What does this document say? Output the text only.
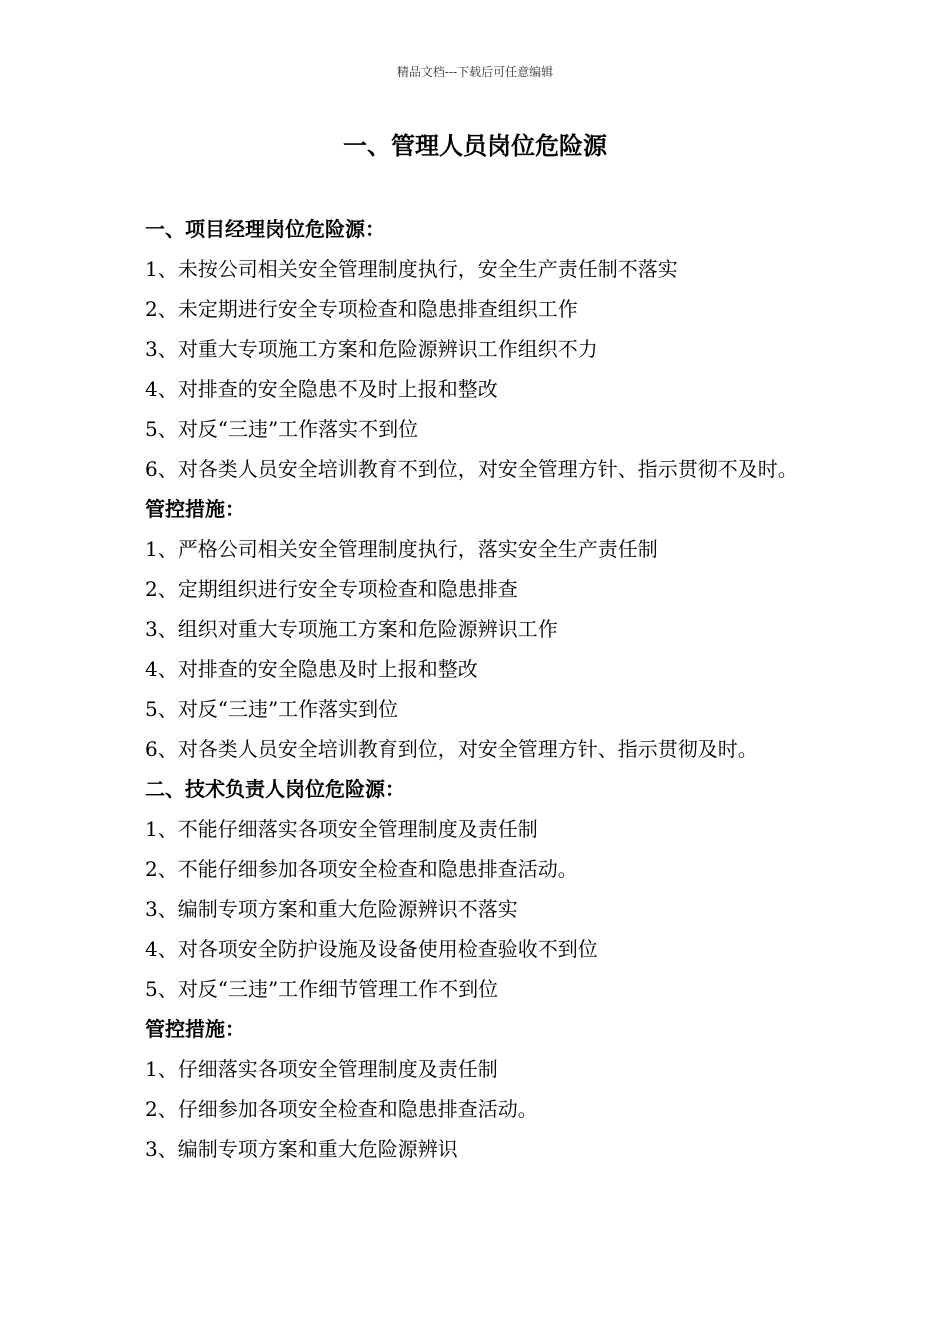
精品文档---下载后可任意编辑
一、管理人员岗位危险源

一、项目经理岗位危险源：

1、未按公司相关安全管理制度执行，安全生产责任制不落实

2、未定期进行安全专项检查和隐患排查组织工作

3、对重大专项施工方案和危险源辨识工作组织不力

4、对排查的安全隐患不及时上报和整改

5、对反“三违”工作落实不到位

6、对各类人员安全培训教育不到位，对安全管理方针、指示贯彻不及时。

管控措施：

1、严格公司相关安全管理制度执行，落实安全生产责任制

2、定期组织进行安全专项检查和隐患排查

3、组织对重大专项施工方案和危险源辨识工作

4、对排查的安全隐患及时上报和整改

5、对反“三违”工作落实到位

6、对各类人员安全培训教育到位，对安全管理方针、指示贯彻及时。

二、技术负责人岗位危险源：

1、不能仔细落实各项安全管理制度及责任制

2、不能仔细参加各项安全检查和隐患排查活动。

3、编制专项方案和重大危险源辨识不落实

4、对各项安全防护设施及设备使用检查验收不到位

5、对反“三违”工作细节管理工作不到位

管控措施：

1、仔细落实各项安全管理制度及责任制

2、仔细参加各项安全检查和隐患排查活动。

3、编制专项方案和重大危险源辨识
